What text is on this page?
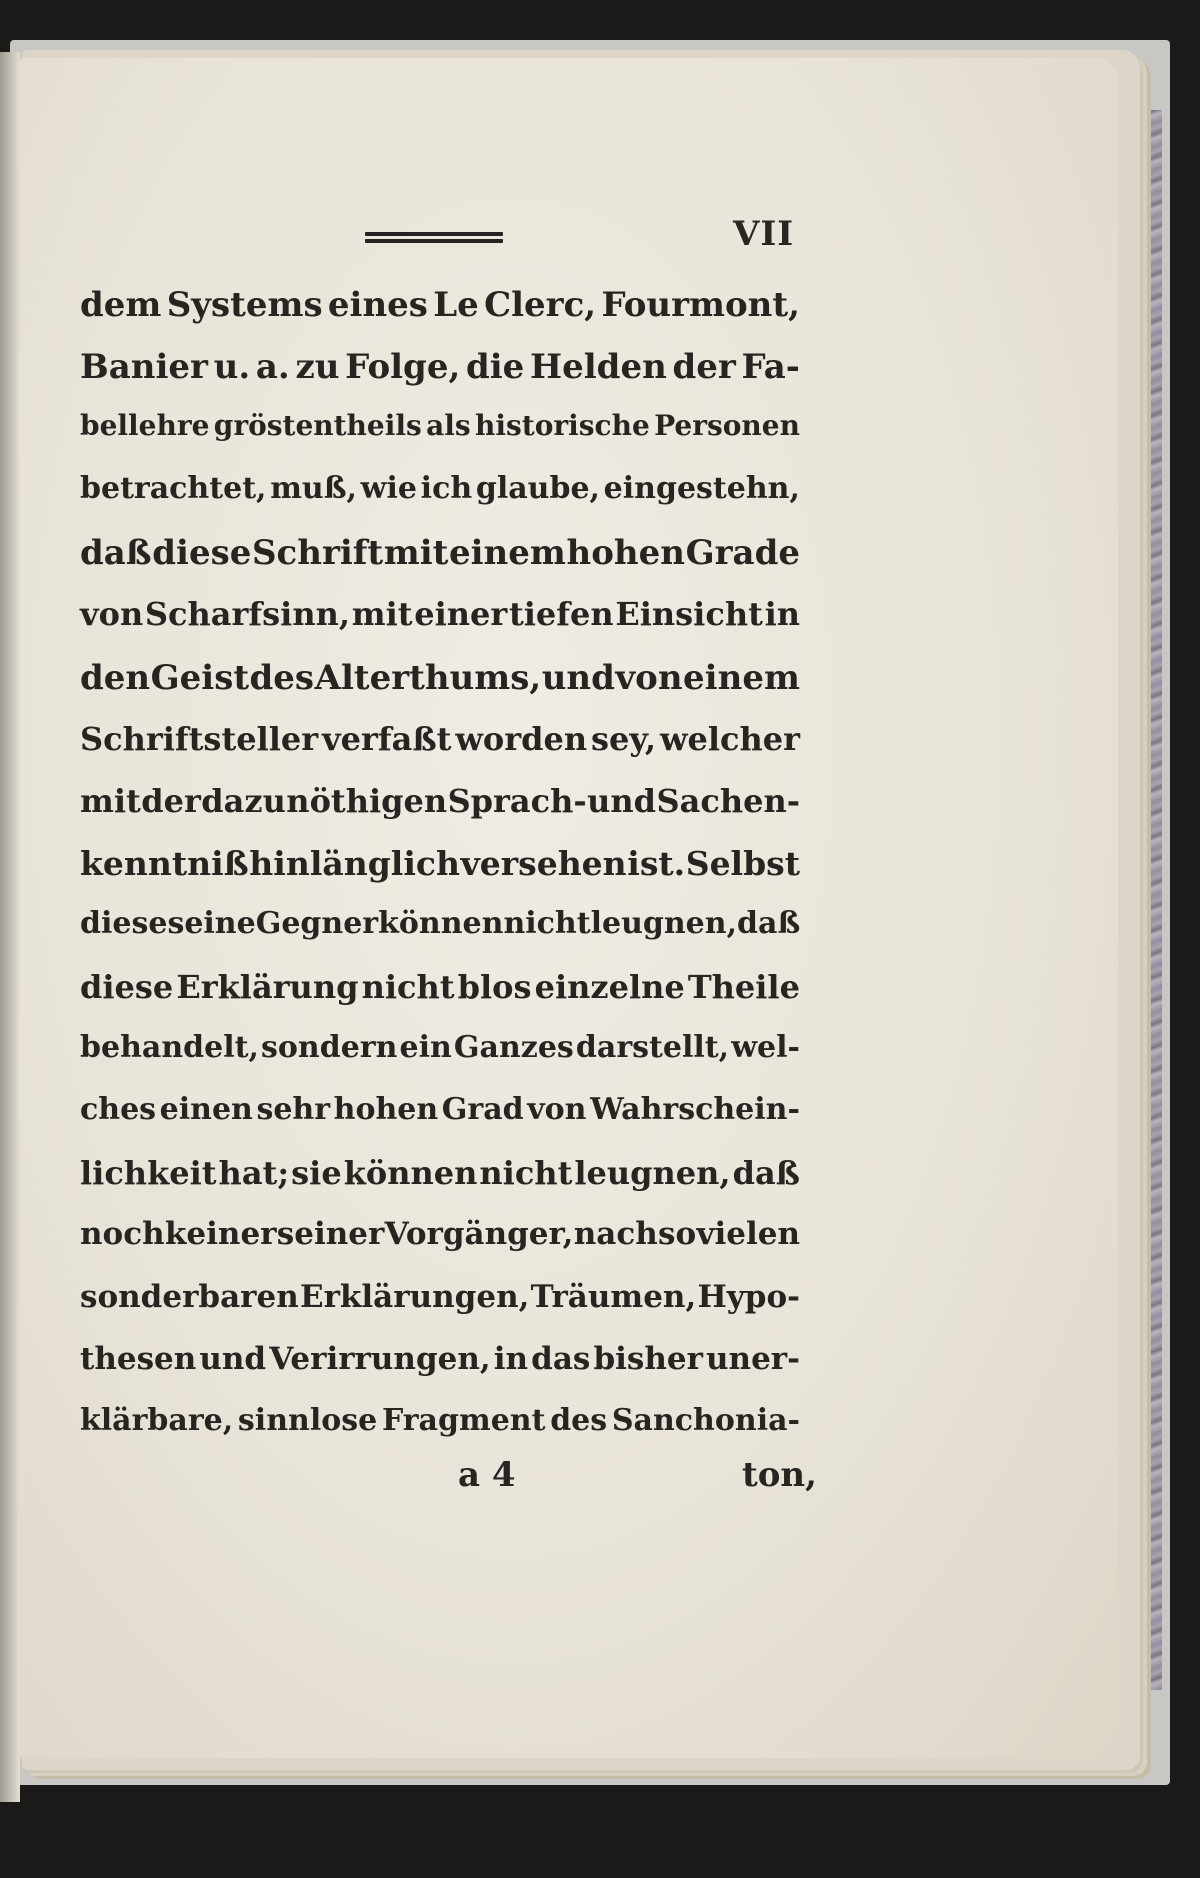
VII
dem Systems eines Le Clerc, Fourmont,
Banier u. a. zu Folge, die Helden der Fa-
bellehre gröstentheils als historische Personen
betrachtet, muß, wie ich glaube, eingestehn,
daß diese Schrift mit einem hohen Grade
von Scharfsinn, mit einer tiefen Einsicht in
den Geist des Alterthums, und von einem
Schriftsteller verfaßt worden sey, welcher
mit der dazu nöthigen Sprach- und Sachen-
kenntniß hinlänglich versehen ist. Selbst
diese seine Gegner können nicht leugnen, daß
diese Erklärung nicht blos einzelne Theile
behandelt, sondern ein Ganzes darstellt, wel-
ches einen sehr hohen Grad von Wahrschein-
lichkeit hat; sie können nicht leugnen, daß
noch keiner seiner Vorgänger, nach so vielen
sonderbaren Erklärungen, Träumen, Hypo-
thesen und Verirrungen, in das bisher uner-
klärbare, sinnlose Fragment des Sanchonia-
a 4	ton,
